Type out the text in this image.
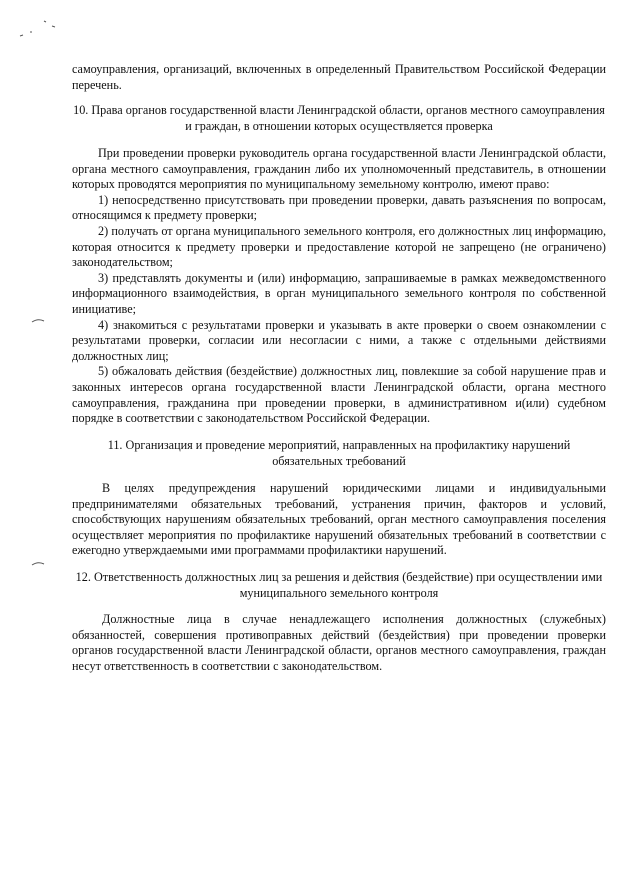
самоуправления, организаций, включенных в определенный Правительством Российской Федерации перечень.

10. Права органов государственной власти Ленинградской области, органов местного самоуправления и граждан, в отношении которых осуществляется проверка

При проведении проверки руководитель органа государственной власти Ленинградской области, органа местного самоуправления, гражданин либо их уполномоченный представитель, в отношении которых проводятся мероприятия по муниципальному земельному контролю, имеют право:

1) непосредственно присутствовать при проведении проверки, давать разъяснения по вопросам, относящимся к предмету проверки;

2) получать от органа муниципального земельного контроля, его должностных лиц информацию, которая относится к предмету проверки и предоставление которой не запрещено (не ограничено) законодательством;

3) представлять документы и (или) информацию, запрашиваемые в рамках межведомственного информационного взаимодействия, в орган муниципального земельного контроля по собственной инициативе;

4) знакомиться с результатами проверки и указывать в акте проверки о своем ознакомлении с результатами проверки, согласии или несогласии с ними, а также с отдельными действиями должностных лиц;

5) обжаловать действия (бездействие) должностных лиц, повлекшие за собой нарушение прав и законных интересов органа государственной власти Ленинградской области, органа местного самоуправления, гражданина при проведении проверки, в административном и(или) судебном порядке в соответствии с законодательством Российской Федерации.

11. Организация и проведение мероприятий, направленных на профилактику нарушений обязательных требований

В целях предупреждения нарушений юридическими лицами и индивидуальными предпринимателями обязательных требований, устранения причин, факторов и условий, способствующих нарушениям обязательных требований, орган местного самоуправления поселения осуществляет мероприятия по профилактике нарушений обязательных требований в соответствии с ежегодно утверждаемыми ими программами профилактики нарушений.

12. Ответственность должностных лиц за решения и действия (бездействие) при осуществлении ими муниципального земельного контроля

Должностные лица в случае ненадлежащего исполнения должностных (служебных) обязанностей, совершения противоправных действий (бездействия) при проведении проверки органов государственной власти Ленинградской области, органов местного самоуправления, граждан несут ответственность в соответствии с законодательством.
